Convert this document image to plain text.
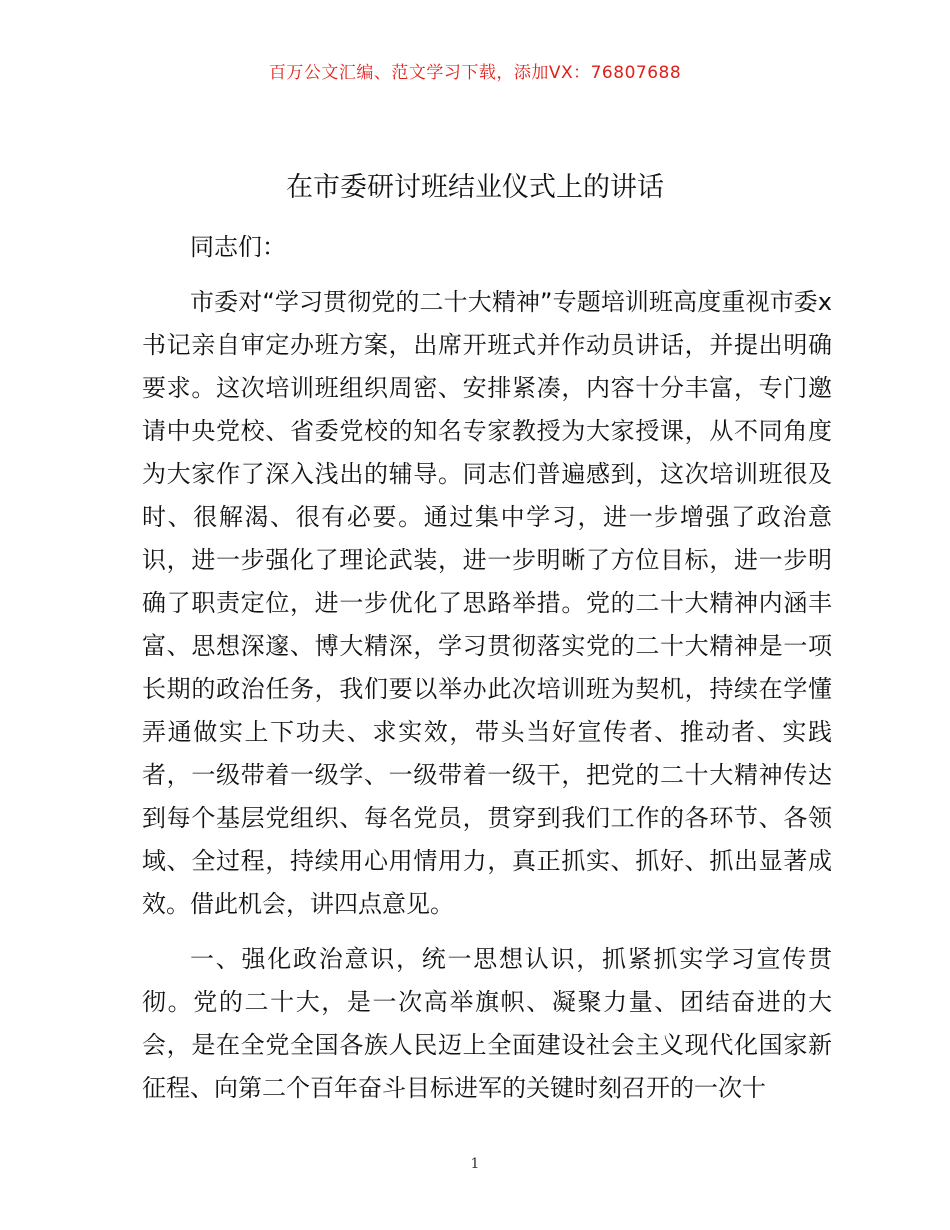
百万公文汇编、范文学习下载，添加VX：76807688
在市委研讨班结业仪式上的讲话

同志们：

市委对“学习贯彻党的二十大精神”专题培训班高度重视市委x书记亲自审定办班方案，出席开班式并作动员讲话，并提出明确要求。这次培训班组织周密、安排紧凑，内容十分丰富，专门邀请中央党校、省委党校的知名专家教授为大家授课，从不同角度为大家作了深入浅出的辅导。同志们普遍感到，这次培训班很及时、很解渴、很有必要。通过集中学习，进一步增强了政治意识，进一步强化了理论武装，进一步明晰了方位目标，进一步明确了职责定位，进一步优化了思路举措。党的二十大精神内涵丰富、思想深邃、博大精深，学习贯彻落实党的二十大精神是一项长期的政治任务，我们要以举办此次培训班为契机，持续在学懂弄通做实上下功夫、求实效，带头当好宣传者、推动者、实践者，一级带着一级学、一级带着一级干，把党的二十大精神传达到每个基层党组织、每名党员，贯穿到我们工作的各环节、各领域、全过程，持续用心用情用力，真正抓实、抓好、抓出显著成效。借此机会，讲四点意见。

一、强化政治意识，统一思想认识，抓紧抓实学习宣传贯彻。党的二十大，是一次高举旗帜、凝聚力量、团结奋进的大会，是在全党全国各族人民迈上全面建设社会主义现代化国家新征程、向第二个百年奋斗目标进军的关键时刻召开的一次十

1
